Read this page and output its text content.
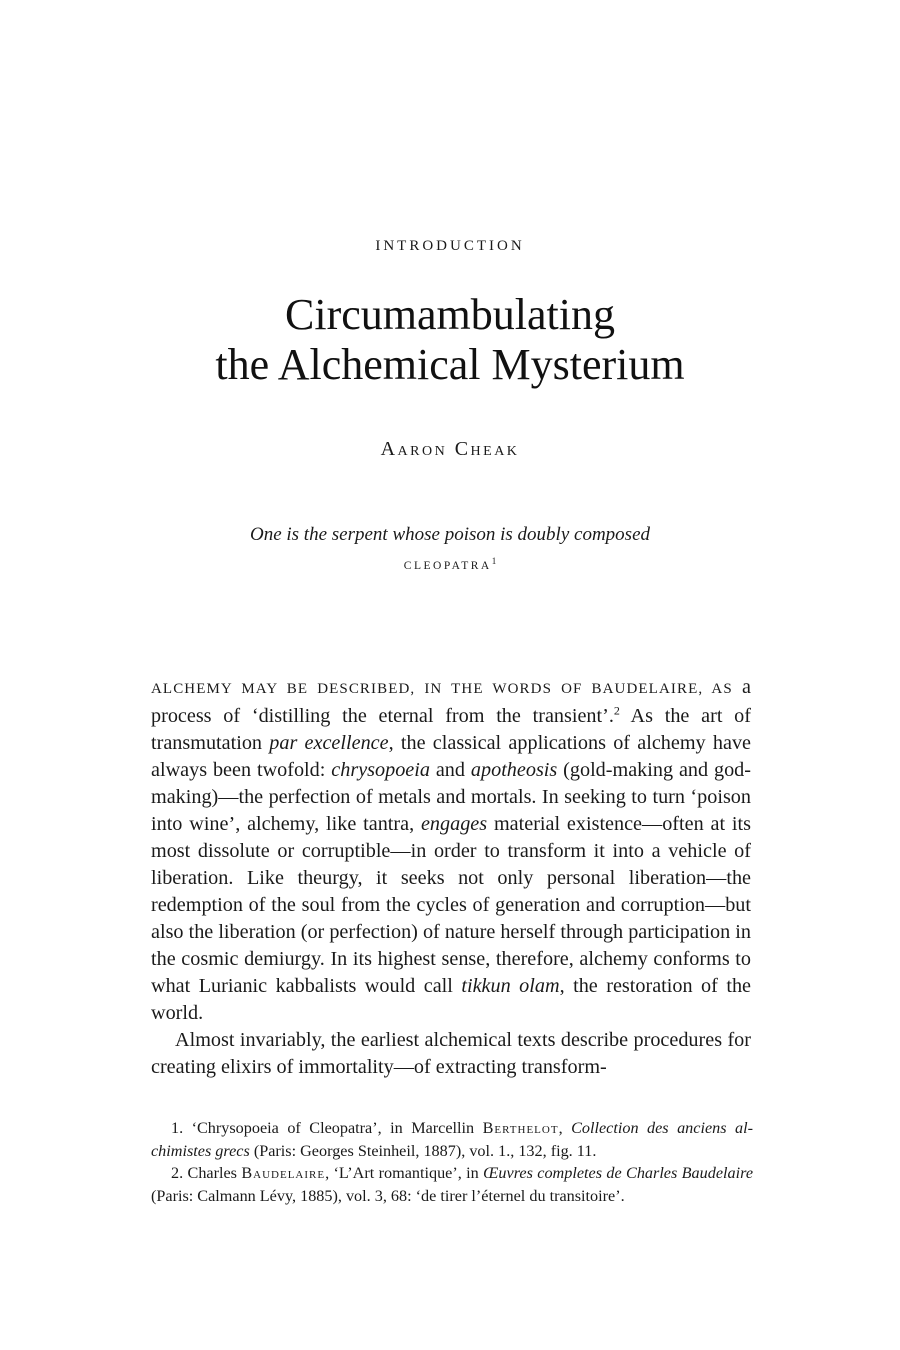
INTRODUCTION
Circumambulating
the Alchemical Mysterium
Aaron Cheak
One is the serpent whose poison is doubly composed
CLEOPATRA$^1$

ALCHEMY MAY BE DESCRIBED, IN THE WORDS OF BAUDELAIRE, AS a process of ‘distilling the eternal from the transient’.$^2$ As the art of transmutation par excellence, the classical applications of alchemy have always been twofold: chrysopoeia and apotheosis (gold-making and god-making)—the perfection of metals and mortals. In seeking to turn ‘poison into wine’, alchemy, like tantra, engages material existence—often at its most dissolute or corruptible—in order to transform it into a vehicle of liberation. Like theurgy, it seeks not only personal liberation—the redemption of the soul from the cycles of generation and corruption—but also the liberation (or perfection) of nature herself through participation in the cosmic demiurgy. In its highest sense, therefore, alchemy conforms to what Lurianic kabbalists would call tikkun olam, the restoration of the world.

Almost invariably, the earliest alchemical texts describe procedures for creating elixirs of immortality—of extracting transform-

1. ‘Chrysopoeia of Cleopatra’, in Marcellin Berthelot, Collection des anciens alchimistes grecs (Paris: Georges Steinheil, 1887), vol. 1., 132, fig. 11.

2. Charles Baudelaire, ‘L’Art romantique’, in Œuvres completes de Charles Baudelaire (Paris: Calmann Lévy, 1885), vol. 3, 68: ‘de tirer l’éternel du transitoire’.
